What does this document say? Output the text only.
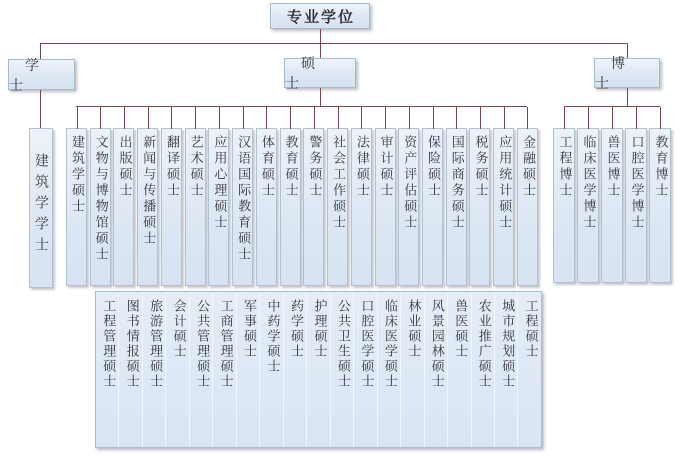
专业学位
学士
硕士
博士
建筑学学士 建筑学硕士 文物与博物馆硕士 出版硕士 新闻与传播硕士 翻译硕士 艺术硕士 应用心理硕士 汉语国际教育硕士 体育硕士 教育硕士 警务硕士 社会工作硕士 法律硕士 审计硕士 资产评估硕士 保险硕士 国际商务硕士 税务硕士 应用统计硕士 金融硕士 工程博士 临床医学博士 兽医博士 口腔医学博士 教育博士
工程管理硕士 图书情报硕士 旅游管理硕士 会计硕士 公共管理硕士 工商管理硕士 军事硕士 中药学硕士 药学硕士 护理硕士 公共卫生硕士 口腔医学硕士 临床医学硕士 林业硕士 风景园林硕士 兽医硕士 农业推广硕士 城市规划硕士 工程硕士
